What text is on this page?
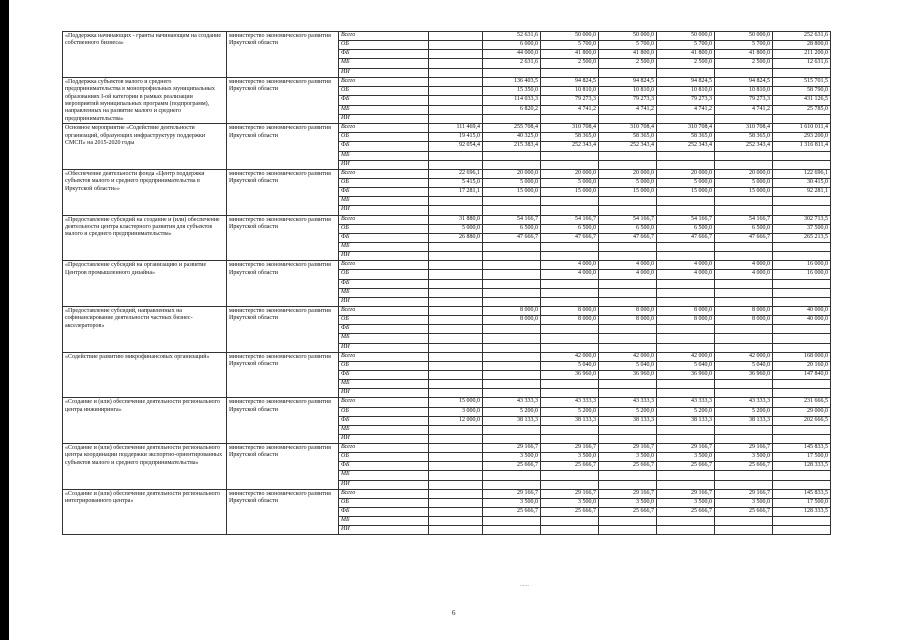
«Поддержка начинающих - гранты начинающим на создание собственного бизнеса»	министерство экономического развития Иркутской области	Всего		52 631,6	50 000,0	50 000,0	50 000,0	50 000,0	252 631,6
		ОБ		6 000,0	5 700,0	5 700,0	5 700,0	5 700,0	28 800,0
		ФБ		44 000,0	41 800,0	41 800,0	41 800,0	41 800,0	211 200,0
		МБ		2 631,6	2 500,0	2 500,0	2 500,0	2 500,0	12 631,6
		ИИ							
«Поддержка субъектов малого и среднего предпринимательства в монопрофильных муниципальных образованиях I-ой категории в рамках реализации мероприятий муниципальных программ (подпрограмм), направленных на развитие малого и среднего предпринимательства»	министерство экономического развития Иркутской области	Всего		136 403,5	94 824,5	94 824,5	94 824,5	94 824,5	515 701,5
		ОБ		15 350,0	10 810,0	10 810,0	10 810,0	10 810,0	58 790,0
		ФБ		114 033,3	79 273,3	79 273,3	79 273,3	79 273,3	431 126,5
		МБ		6 820,2	4 741,2	4 741,2	4 741,2	4 741,2	25 785,0
		ИИ							
Основное мероприятие «Содействие деятельности организаций, образующих инфраструктуру поддержки СМСП» на 2015-2020 годы	министерство экономического развития Иркутской области	Всего	111 469,4	255 708,4	310 708,4	310 708,4	310 708,4	310 708,4	1 610 011,4
		ОБ	19 415,0	40 325,0	58 365,0	58 365,0	58 365,0	58 365,0	293 200,0
		ФБ	92 054,4	215 383,4	252 343,4	252 343,4	252 343,4	252 343,4	1 316 811,4
		МБ							
		ИИ							
«Обеспечение деятельности фонда «Центр поддержки субъектов малого и среднего предпринимательства в Иркутской области»»	министерство экономического развития Иркутской области	Всего	22 696,1	20 000,0	20 000,0	20 000,0	20 000,0	20 000,0	122 696,1
		ОБ	5 415,0	5 000,0	5 000,0	5 000,0	5 000,0	5 000,0	30 415,0
		ФБ	17 281,1	15 000,0	15 000,0	15 000,0	15 000,0	15 000,0	92 281,1
		МБ							
		ИИ							
«Предоставление субсидий на создание и (или) обеспечение деятельности центра кластерного развития для субъектов малого и среднего предпринимательства»	министерство экономического развития Иркутской области	Всего	31 880,0	54 166,7	54 166,7	54 166,7	54 166,7	54 166,7	302 713,5
		ОБ	5 000,0	6 500,0	6 500,0	6 500,0	6 500,0	6 500,0	37 500,0
		ФБ	26 880,0	47 666,7	47 666,7	47 666,7	47 666,7	47 666,7	265 213,5
		МБ							
		ИИ							
«Предоставление субсидий на организацию и развитие Центров промышленного дизайна»	министерство экономического развития Иркутской области	Всего			4 000,0	4 000,0	4 000,0	4 000,0	16 000,0
		ОБ			4 000,0	4 000,0	4 000,0	4 000,0	16 000,0
		ФБ							
		МБ							
		ИИ							
«Предоставление субсидий, направленных на софинансирование деятельности частных бизнес-акселераторов»	министерство экономического развития Иркутской области	Всего		8 000,0	8 000,0	8 000,0	8 000,0	8 000,0	40 000,0
		ОБ		8 000,0	8 000,0	8 000,0	8 000,0	8 000,0	40 000,0
		ФБ							
		МБ							
		ИИ							
«Содействие развитию микрофинансовых организаций»	министерство экономического развития Иркутской области	Всего			42 000,0	42 000,0	42 000,0	42 000,0	168 000,0
		ОБ			5 040,0	5 040,0	5 040,0	5 040,0	20 160,0
		ФБ			36 960,0	36 960,0	36 960,0	36 960,0	147 840,0
		МБ							
		ИИ							
«Создание и (или) обеспечение деятельности регионального центра инжиниринга»	министерство экономического развития Иркутской области	Всего	15 000,0	43 333,3	43 333,3	43 333,3	43 333,3	43 333,3	231 666,5
		ОБ	3 000,0	5 200,0	5 200,0	5 200,0	5 200,0	5 200,0	29 000,0
		ФБ	12 000,0	38 133,3	38 133,3	38 133,3	38 133,3	38 133,3	202 666,5
		МБ							
		ИИ							
«Создание и (или) обеспечение деятельности регионального центра координации поддержки экспортно-ориентированных субъектов малого и среднего предпринимательства»	министерство экономического развития Иркутской области	Всего		29 166,7	29 166,7	29 166,7	29 166,7	29 166,7	145 833,5
		ОБ		3 500,0	3 500,0	3 500,0	3 500,0	3 500,0	17 500,0
		ФБ		25 666,7	25 666,7	25 666,7	25 666,7	25 666,7	128 333,5
		МБ							
		ИИ							
«Создание и (или) обеспечение деятельности регионального интегрированного центра»	министерство экономического развития Иркутской области	Всего		29 166,7	29 166,7	29 166,7	29 166,7	29 166,7	145 833,5
		ОБ		3 500,0	3 500,0	3 500,0	3 500,0	3 500,0	17 500,0
		ФБ		25 666,7	25 666,7	25 666,7	25 666,7	25 666,7	128 333,5
		МБ							
		ИИ							
......
6
